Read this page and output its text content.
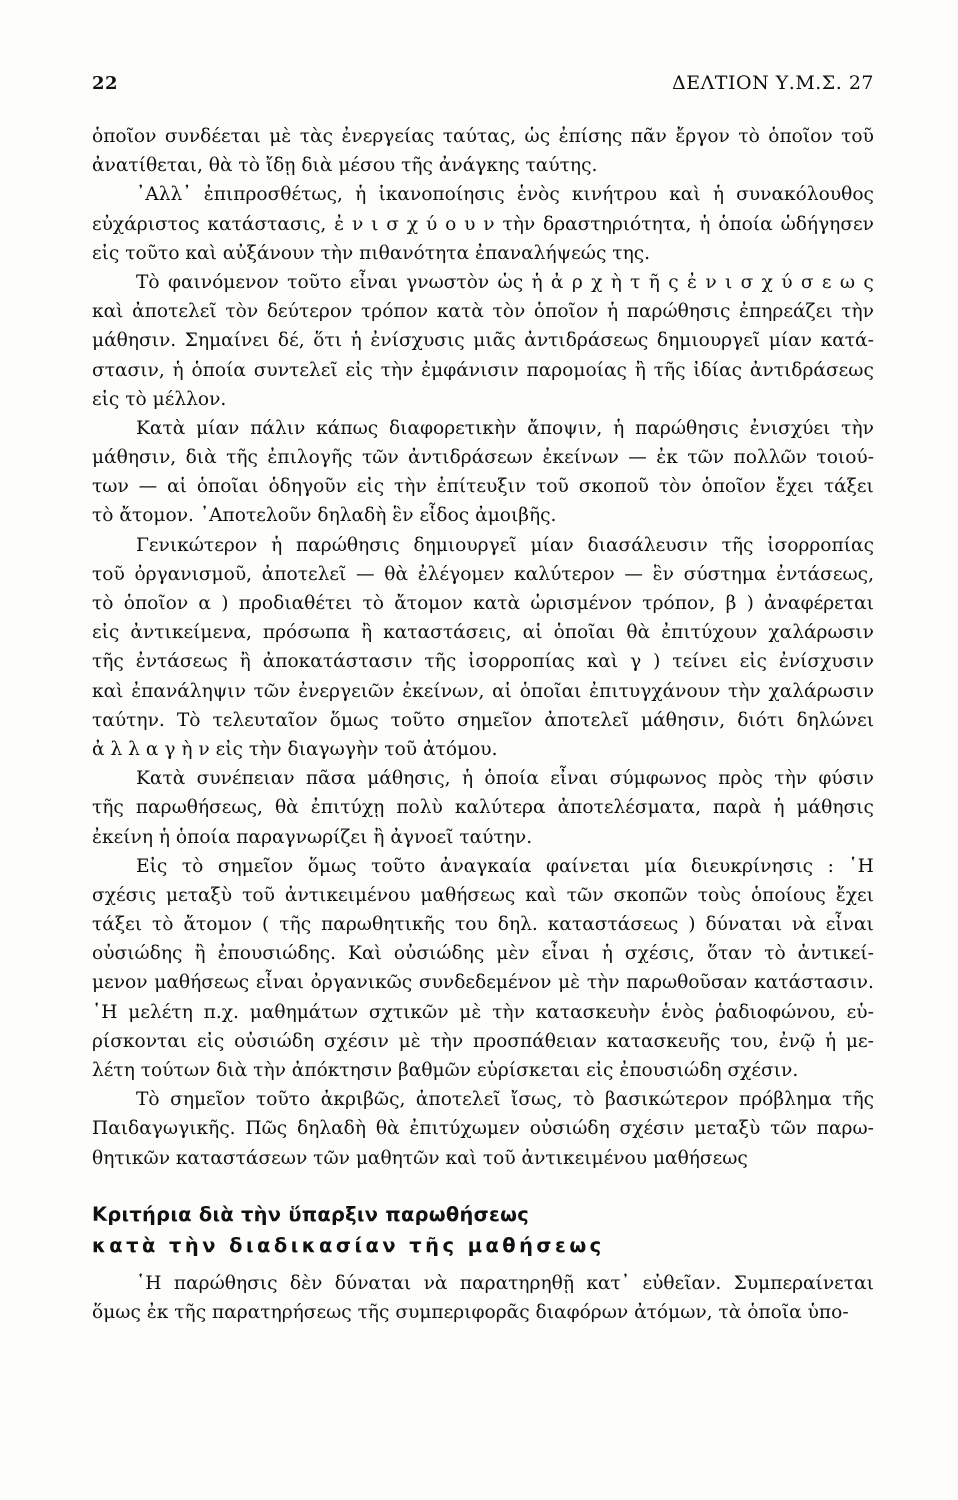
22	ΔΕΛΤΙΟΝ Υ.Μ.Σ. 27
ὁποῖον συνδέεται μὲ τὰς ἐνεργείας ταύτας, ὡς ἐπίσης πᾶν ἔργον τὸ ὁποῖον τοῦ
ἀνατίθεται, θὰ τὸ ἴδῃ διὰ μέσου τῆς ἀνάγκης ταύτης.
᾿Αλλ᾿ ἐπιπροσθέτως, ἡ ἱκανοποίησις ἑνὸς κινήτρου καὶ ἡ συνακόλουθος
εὐχάριστος κατάστασις, ἐ ν ι σ χ ύ ο υ ν τὴν δραστηριότητα, ἡ ὁποία ὡδήγησεν
εἰς τοῦτο καὶ αὐξάνουν τὴν πιθανότητα ἐπαναλήψεώς της.
Τὸ φαινόμενον τοῦτο εἶναι γνωστὸν ὡς ἡ ἀ ρ χ ὴ τ ῆ ς ἐ ν ι σ χ ύ σ ε ω ς
καὶ ἀποτελεῖ τὸν δεύτερον τρόπον κατὰ τὸν ὁποῖον ἡ παρώθησις ἐπηρεάζει τὴν
μάθησιν. Σημαίνει δέ, ὅτι ἡ ἐνίσχυσις μιᾶς ἀντιδράσεως δημιουργεῖ μίαν κατά-
στασιν, ἡ ὁποία συντελεῖ εἰς τὴν ἐμφάνισιν παρομοίας ἢ τῆς ἰδίας ἀντιδράσεως
εἰς τὸ μέλλον.
Κατὰ μίαν πάλιν κάπως διαφορετικὴν ἄποψιν, ἡ παρώθησις ἐνισχύει τὴν
μάθησιν, διὰ τῆς ἐπιλογῆς τῶν ἀντιδράσεων ἐκείνων — ἐκ τῶν πολλῶν τοιού-
των — αἱ ὁποῖαι ὁδηγοῦν εἰς τὴν ἐπίτευξιν τοῦ σκοποῦ τὸν ὁποῖον ἔχει τάξει
τὸ ἄτομον. ᾿Αποτελοῦν δηλαδὴ ἓν εἶδος ἀμοιβῆς.
Γενικώτερον ἡ παρώθησις δημιουργεῖ μίαν διασάλευσιν τῆς ἰσορροπίας
τοῦ ὀργανισμοῦ, ἀποτελεῖ — θὰ ἐλέγομεν καλύτερον — ἓν σύστημα ἐντάσεως,
τὸ ὁποῖον α ) προδιαθέτει τὸ ἄτομον κατὰ ὡρισμένον τρόπον, β ) ἀναφέρεται
εἰς ἀντικείμενα, πρόσωπα ἢ καταστάσεις, αἱ ὁποῖαι θὰ ἐπιτύχουν χαλάρωσιν
τῆς ἐντάσεως ἢ ἀποκατάστασιν τῆς ἰσορροπίας καὶ γ ) τείνει εἰς ἐνίσχυσιν
καὶ ἐπανάληψιν τῶν ἐνεργειῶν ἐκείνων, αἱ ὁποῖαι ἐπιτυγχάνουν τὴν χαλάρωσιν
ταύτην. Τὸ τελευταῖον ὅμως τοῦτο σημεῖον ἀποτελεῖ μάθησιν, διότι δηλώνει
ἀ λ λ α γ ὴ ν εἰς τὴν διαγωγὴν τοῦ ἀτόμου.
Κατὰ συνέπειαν πᾶσα μάθησις, ἡ ὁποία εἶναι σύμφωνος πρὸς τὴν φύσιν
τῆς παρωθήσεως, θὰ ἐπιτύχῃ πολὺ καλύτερα ἀποτελέσματα, παρὰ ἡ μάθησις
ἐκείνη ἡ ὁποία παραγνωρίζει ἢ ἀγνοεῖ ταύτην.
Εἰς τὸ σημεῖον ὅμως τοῦτο ἀναγκαία φαίνεται μία διευκρίνησις : ῾Η
σχέσις μεταξὺ τοῦ ἀντικειμένου μαθήσεως καὶ τῶν σκοπῶν τοὺς ὁποίους ἔχει
τάξει τὸ ἄτομον ( τῆς παρωθητικῆς του δηλ. καταστάσεως ) δύναται νὰ εἶναι
οὐσιώδης ἢ ἐπουσιώδης. Καὶ οὐσιώδης μὲν εἶναι ἡ σχέσις, ὅταν τὸ ἀντικεί-
μενον μαθήσεως εἶναι ὀργανικῶς συνδεδεμένον μὲ τὴν παρωθοῦσαν κατάστασιν.
῾Η μελέτη π.χ. μαθημάτων σχτικῶν μὲ τὴν κατασκευὴν ἑνὸς ῥαδιοφώνου, εὑ-
ρίσκονται εἰς οὐσιώδη σχέσιν μὲ τὴν προσπάθειαν κατασκευῆς του, ἐνῷ ἡ με-
λέτη τούτων διὰ τὴν ἀπόκτησιν βαθμῶν εὑρίσκεται εἰς ἐπουσιώδη σχέσιν.
Τὸ σημεῖον τοῦτο ἀκριβῶς, ἀποτελεῖ ἴσως, τὸ βασικώτερον πρόβλημα τῆς
Παιδαγωγικῆς. Πῶς δηλαδὴ θὰ ἐπιτύχωμεν οὐσιώδη σχέσιν μεταξὺ τῶν παρω-
θητικῶν καταστάσεων τῶν μαθητῶν καὶ τοῦ ἀντικειμένου μαθήσεως
Κριτήρια διὰ τὴν ὕπαρξιν παρωθήσεως
κατὰ τὴν διαδικασίαν τῆς μαθήσεως
῾Η παρώθησις δὲν δύναται νὰ παρατηρηθῇ κατ᾿ εὐθεῖαν. Συμπεραίνεται
ὅμως ἐκ τῆς παρατηρήσεως τῆς συμπεριφορᾶς διαφόρων ἀτόμων, τὰ ὁποῖα ὑπο-
